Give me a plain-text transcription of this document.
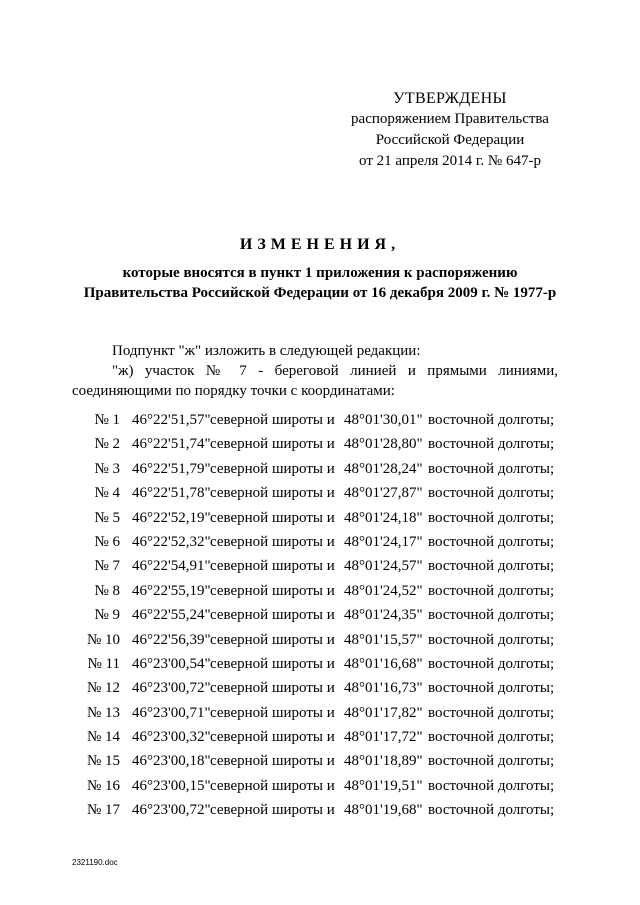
УТВЕРЖДЕНЫ
распоряжением Правительства
Российской Федерации
от 21 апреля 2014 г. № 647-р
ИЗМЕНЕНИЯ,
которые вносятся в пункт 1 приложения к распоряжению
Правительства Российской Федерации от 16 декабря 2009 г. № 1977-р
Подпункт "ж" изложить в следующей редакции:
"ж) участок № 7 - береговой линией и прямыми линиями,
соединяющими по порядку точки с координатами:
№ 1 46°22'51,57" северной широты и 48°01'30,01" восточной долготы;
№ 2 46°22'51,74" северной широты и 48°01'28,80" восточной долготы;
№ 3 46°22'51,79" северной широты и 48°01'28,24" восточной долготы;
№ 4 46°22'51,78" северной широты и 48°01'27,87" восточной долготы;
№ 5 46°22'52,19" северной широты и 48°01'24,18" восточной долготы;
№ 6 46°22'52,32" северной широты и 48°01'24,17" восточной долготы;
№ 7 46°22'54,91" северной широты и 48°01'24,57" восточной долготы;
№ 8 46°22'55,19" северной широты и 48°01'24,52" восточной долготы;
№ 9 46°22'55,24" северной широты и 48°01'24,35" восточной долготы;
№ 10 46°22'56,39" северной широты и 48°01'15,57" восточной долготы;
№ 11 46°23'00,54" северной широты и 48°01'16,68" восточной долготы;
№ 12 46°23'00,72" северной широты и 48°01'16,73" восточной долготы;
№ 13 46°23'00,71" северной широты и 48°01'17,82" восточной долготы;
№ 14 46°23'00,32" северной широты и 48°01'17,72" восточной долготы;
№ 15 46°23'00,18" северной широты и 48°01'18,89" восточной долготы;
№ 16 46°23'00,15" северной широты и 48°01'19,51" восточной долготы;
№ 17 46°23'00,72" северной широты и 48°01'19,68" восточной долготы;
2321190.doc
